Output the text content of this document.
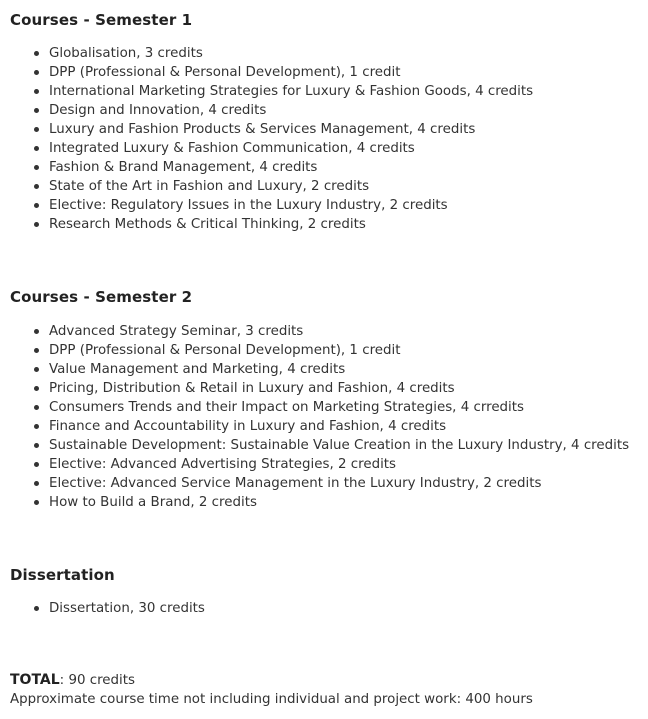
Courses - Semester 1
Globalisation, 3 credits
DPP (Professional & Personal Development), 1 credit
International Marketing Strategies for Luxury & Fashion Goods, 4 credits
Design and Innovation, 4 credits
Luxury and Fashion Products & Services Management, 4 credits
Integrated Luxury & Fashion Communication, 4 credits
Fashion & Brand Management, 4 credits
State of the Art in Fashion and Luxury, 2 credits
Elective: Regulatory Issues in the Luxury Industry, 2 credits
Research Methods & Critical Thinking, 2 credits
Courses - Semester 2
Advanced Strategy Seminar, 3 credits
DPP (Professional & Personal Development), 1 credit
Value Management and Marketing, 4 credits
Pricing, Distribution & Retail in Luxury and Fashion, 4 credits
Consumers Trends and their Impact on Marketing Strategies, 4 crredits
Finance and Accountability in Luxury and Fashion, 4 credits
Sustainable Development: Sustainable Value Creation in the Luxury Industry, 4 credits
Elective: Advanced Advertising Strategies, 2 credits
Elective: Advanced Service Management in the Luxury Industry, 2 credits
How to Build a Brand, 2 credits
Dissertation
Dissertation, 30 credits
TOTAL: 90 credits
Approximate course time not including individual and project work: 400 hours
